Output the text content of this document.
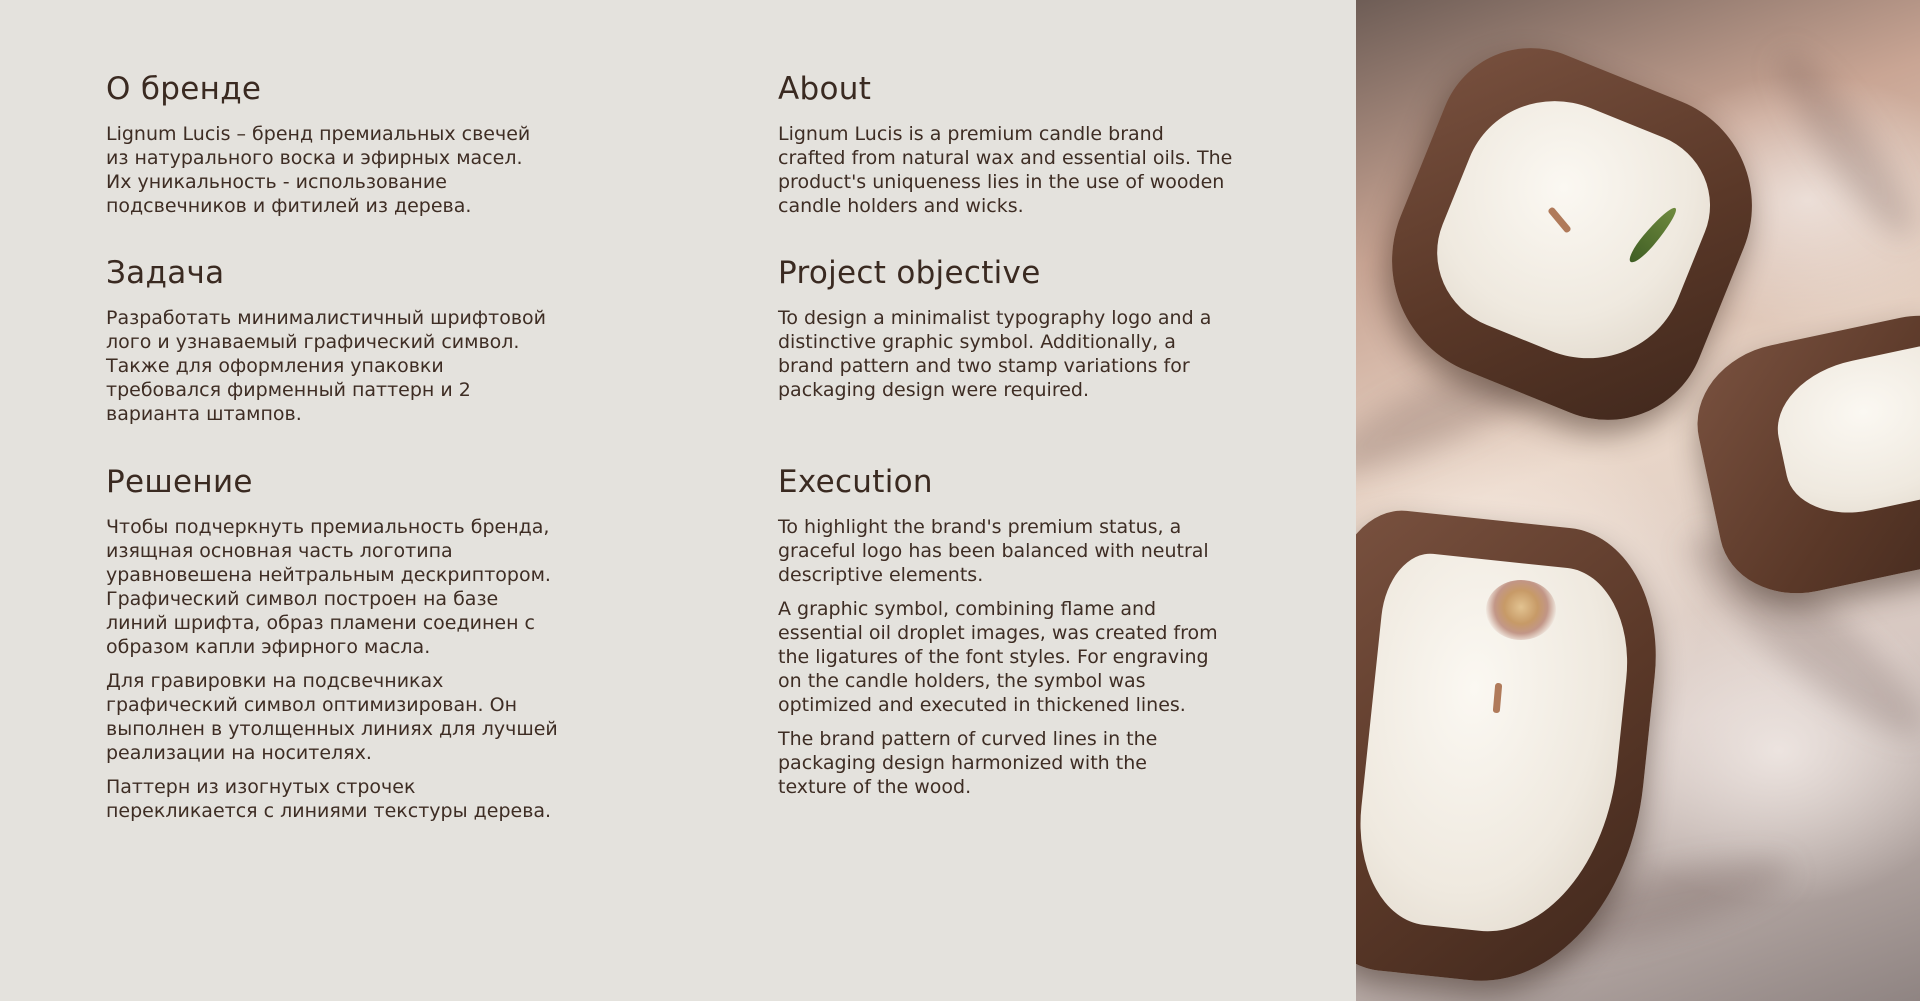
О бренде

Lignum Lucis – бренд премиальных свечей
из натурального воска и эфирных масел.
Их уникальность - использование
подсвечников и фитилей из дерева.

Задача

Разработать минималистичный шрифтовой
лого и узнаваемый графический символ.
Также для оформления упаковки
требовался фирменный паттерн и 2
варианта штампов.

Решение

Чтобы подчеркнуть премиальность бренда,
изящная основная часть логотипа
уравновешена нейтральным дескриптором.
Графический символ построен на базе
линий шрифта, образ пламени соединен с
образом капли эфирного масла.

Для гравировки на подсвечниках
графический символ оптимизирован. Он
выполнен в утолщенных линиях для лучшей
реализации на носителях.

Паттерн из изогнутых строчек
перекликается с линиями текстуры дерева.

About

Lignum Lucis is a premium candle brand
crafted from natural wax and essential oils. The
product's uniqueness lies in the use of wooden
candle holders and wicks.

Project objective

To design a minimalist typography logo and a
distinctive graphic symbol. Additionally, a
brand pattern and two stamp variations for
packaging design were required.

Execution

To highlight the brand's premium status, a
graceful logo has been balanced with neutral
descriptive elements.

A graphic symbol, combining flame and
essential oil droplet images, was created from
the ligatures of the font styles. For engraving
on the candle holders, the symbol was
optimized and executed in thickened lines.

The brand pattern of curved lines in the
packaging design harmonized with the
texture of the wood.
